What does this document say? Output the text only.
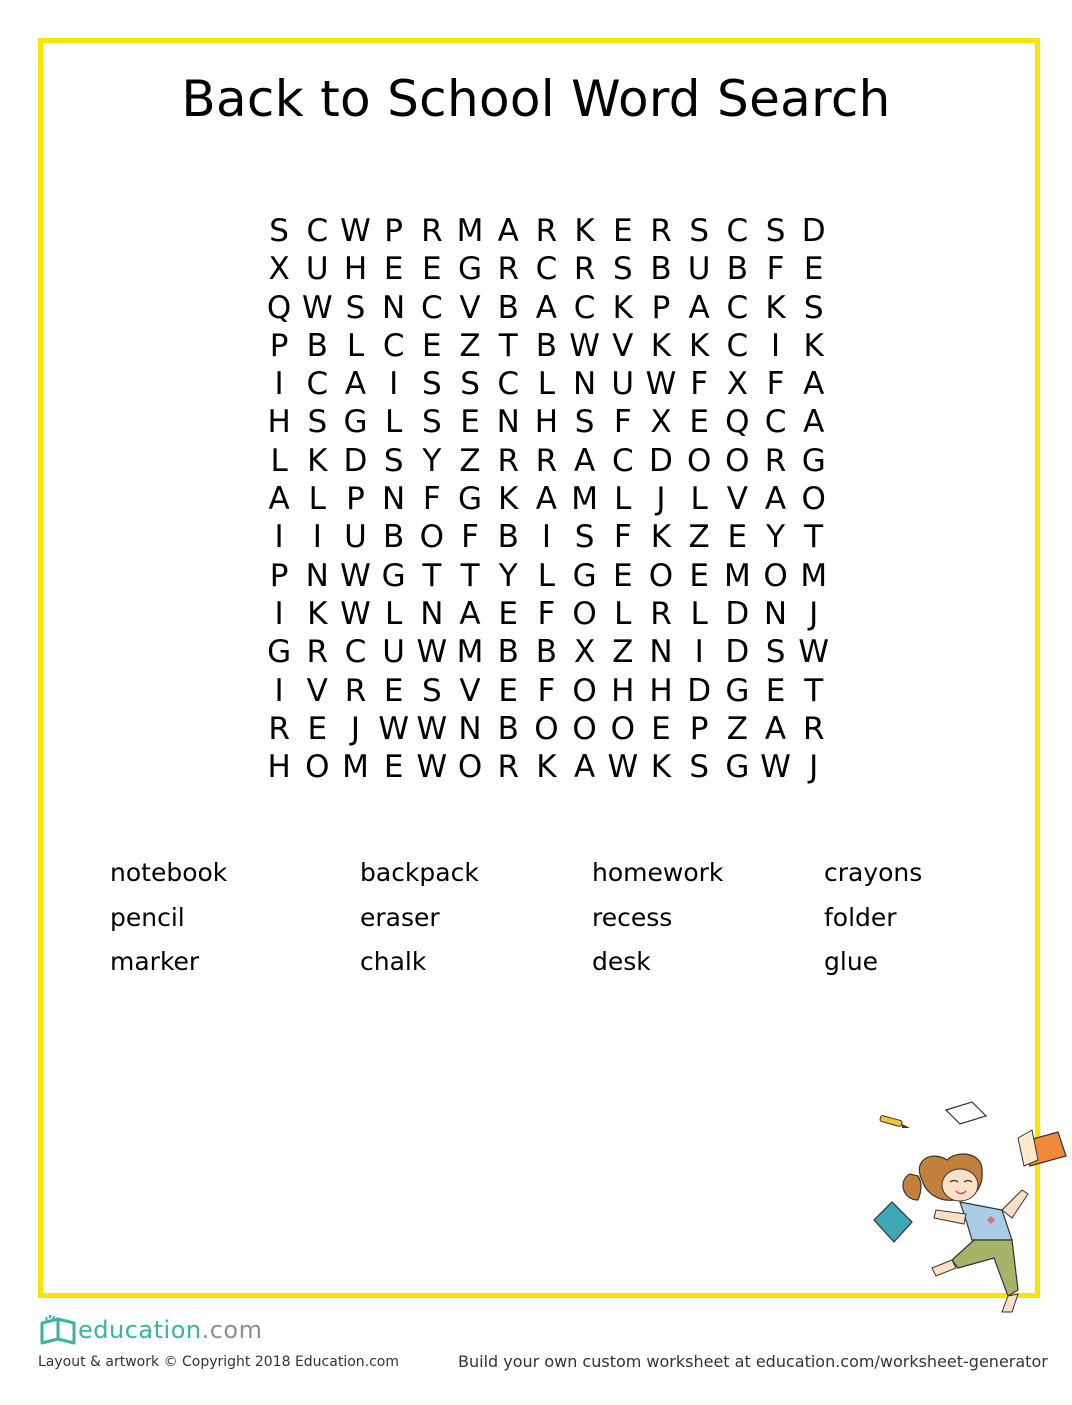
Back to School Word Search
S C W P R M A R K E R S C S D
X U H E E G R C R S B U B F E
Q W S N C V B A C K P A C K S
P B L C E Z T B W V K K C I K
I C A I S S C L N U W F X F A
H S G L S E N H S F X E Q C A
L K D S Y Z R R A C D O O R G
A L P N F G K A M L J L V A O
I I U B O F B I S F K Z E Y T
P N W G T T Y L G E O E M O M
I K W L N A E F O L R L D N J
G R C U W M B B X Z N I D S W
I V R E S V E F O H H D G E T
R E J W W N B O O O E P Z A R
H O M E W O R K A W K S G W J
notebook	backpack	homework	crayons
pencil	eraser	recess	folder
marker	chalk	desk	glue
education.com
Layout & artwork © Copyright 2018 Education.com	Build your own custom worksheet at education.com/worksheet-generator
